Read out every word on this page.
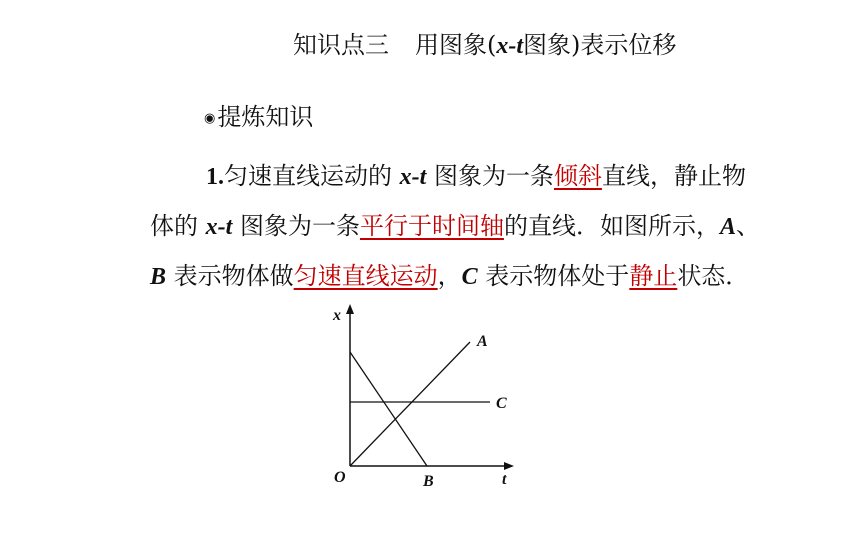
知识点三 用图象(x-t图象)表示位移
◉提炼知识
1.匀速直线运动的 x-t 图象为一条倾斜直线，静止物
体的 x-t 图象为一条平行于时间轴的直线．如图所示，A、
B 表示物体做匀速直线运动，C 表示物体处于静止状态．
x
t
O
A
B
C
